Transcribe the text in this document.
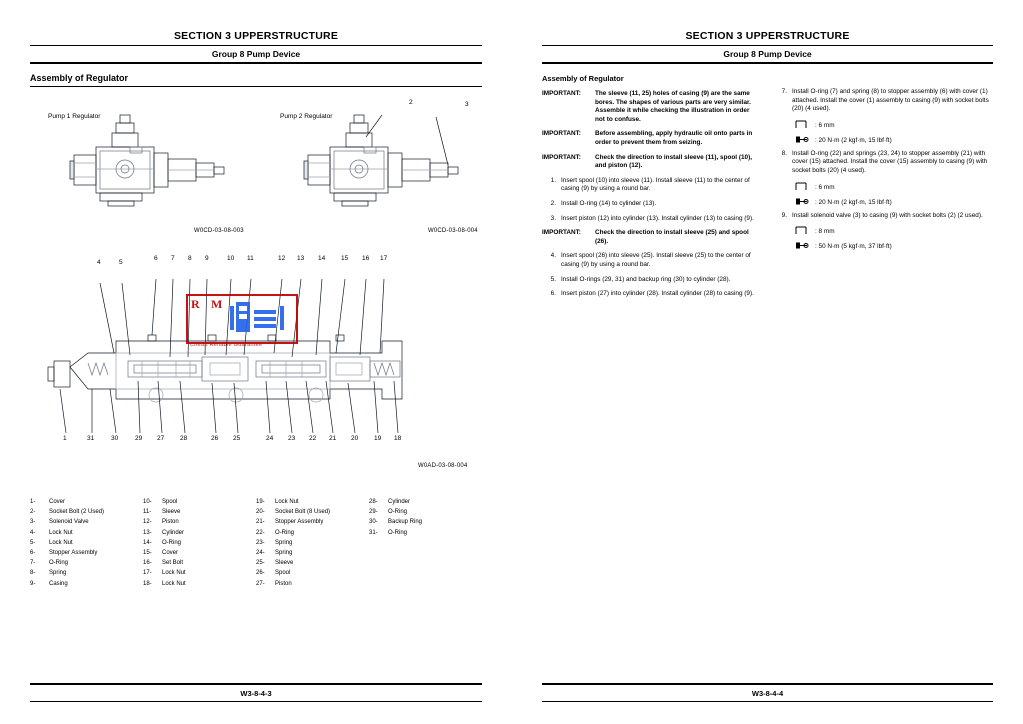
SECTION 3 UPPERSTRUCTURE
Group 8 Pump Device
Assembly of Regulator
Pump 1 Regulator	Pump 2 Regulator
2	3
W0CD-03-08-003	W0CD-03-08-004
4	5
6 7 8 9	10 11	12 13 14 15 16 17
1	31	30	29 27 28	26 25	24 23 22 21 20 19 18
W0AD-03-08-004
1-	Cover
2-	Socket Bolt (2 Used)
3-	Solenoid Valve
4-	Lock Nut
5-	Lock Nut
6-	Stopper Assembly
7-	O-Ring
8-	Spring
9-	Casing
10-	Spool
11-	Sleeve
12-	Piston
13-	Cylinder
14-	O-Ring
15-	Cover
16-	Set Bolt
17-	Lock Nut
18-	Lock Nut
19-	Lock Nut
20-	Socket Bolt (8 Used)
21-	Stopper Assembly
22-	O-Ring
23-	Spring
24-	Spring
25-	Sleeve
26-	Spool
27-	Piston
28-	Cylinder
29-	O-Ring
30-	Backup Ring
31-	O-Ring
R M
Cheap Reliable Guarantee
W3-8-4-3
SECTION 3 UPPERSTRUCTURE
Group 8 Pump Device
Assembly of Regulator
IMPORTANT:	The sleeve (11, 25) holes of casing (9) are the same bores. The shapes of various parts are very similar. Assemble it while checking the illustration in order not to confuse.
IMPORTANT:	Before assembling, apply hydraulic oil onto parts in order to prevent them from seizing.
IMPORTANT:	Check the direction to install sleeve (11), spool (10), and piston (12).
1. Insert spool (10) into sleeve (11). Install sleeve (11) to the center of casing (9) by using a round bar.
2. Install O-ring (14) to cylinder (13).
3. Insert piston (12) into cylinder (13). Install cylinder (13) to casing (9).
IMPORTANT:	Check the direction to install sleeve (25) and spool (26).
4. Insert spool (26) into sleeve (25). Install sleeve (25) to the center of casing (9) by using a round bar.
5. Install O-rings (29, 31) and backup ring (30) to cylinder (28).
6. Insert piston (27) into cylinder (28). Install cylinder (28) to casing (9).
7. Install O-ring (7) and spring (8) to stopper assembly (6) with cover (1) attached. Install the cover (1) assembly to casing (9) with socket bolts (20) (4 used).
: 6 mm
: 20 N·m (2 kgf·m, 15 lbf·ft)
8. Install O-ring (22) and springs (23, 24) to stopper assembly (21) with cover (15) attached. Install the cover (15) assembly to casing (9) with socket bolts (20) (4 used).
: 6 mm
: 20 N·m (2 kgf·m, 15 lbf·ft)
9. Install solenoid valve (3) to casing (9) with socket bolts (2) (2 used).
: 8 mm
: 50 N·m (5 kgf·m, 37 lbf·ft)
W3-8-4-4
